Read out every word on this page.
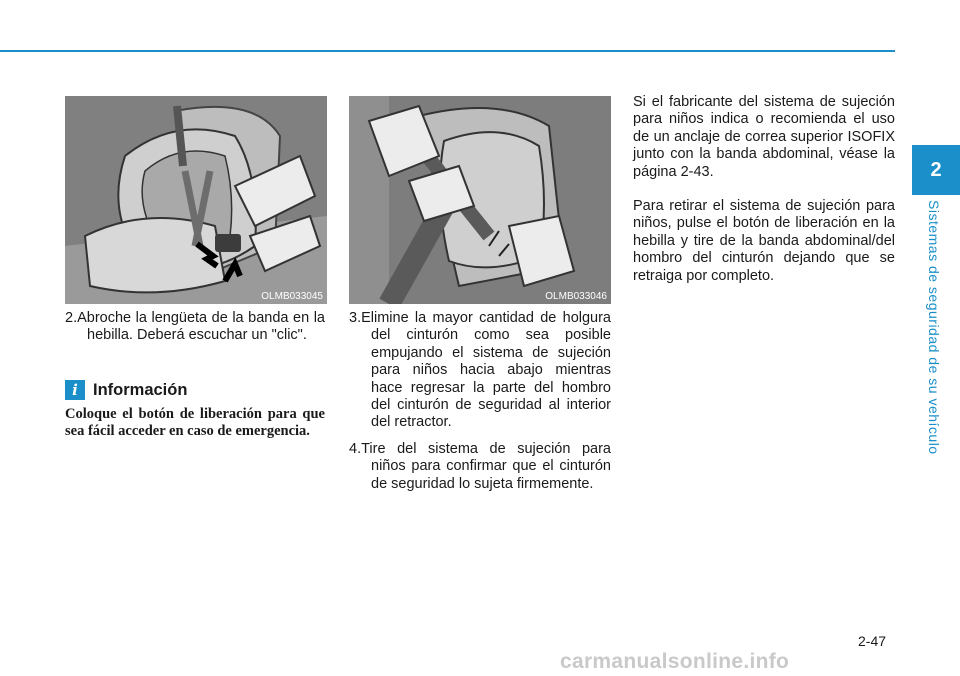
2
Sistemas de seguridad de su vehículo
OLMB033045	OLMB033046

2.Abroche la lengüeta de la banda en la hebilla. Deberá escuchar un "clic".

i Información
Coloque el botón de liberación para que sea fácil acceder en caso de emergencia.

3.Elimine la mayor cantidad de holgura del cinturón como sea posible empujando el sistema de sujeción para niños hacia abajo mientras hace regresar la parte del hombro del cinturón de seguridad al interior del retractor.

4.Tire del sistema de sujeción para niños para confirmar que el cinturón de seguridad lo sujeta firmemente.

Si el fabricante del sistema de sujeción para niños indica o recomienda el uso de un anclaje de correa superior ISOFIX junto con la banda abdominal, véase la página 2-43.

Para retirar el sistema de sujeción para niños, pulse el botón de liberación en la hebilla y tire de la banda abdominal/del hombro del cinturón dejando que se retraiga por completo.

2-47
carmanualsonline.info
